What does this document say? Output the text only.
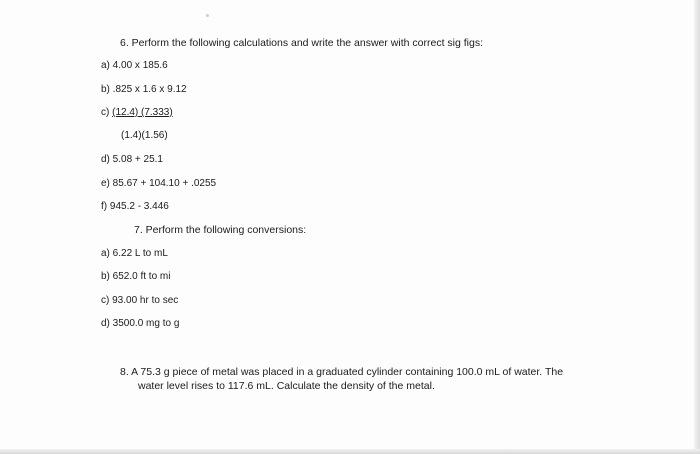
6. Perform the following calculations and write the answer with correct sig figs:
a) 4.00 x 185.6
b) .825 x 1.6 x 9.12
c) (12.4) (7.333)
(1.4)(1.56)
d) 5.08 + 25.1
e) 85.67 + 104.10 + .0255
f) 945.2 - 3.446
7. Perform the following conversions:
a) 6.22 L to mL
b) 652.0 ft to mi
c) 93.00 hr to sec
d) 3500.0 mg to g
8. A 75.3 g piece of metal was placed in a graduated cylinder containing 100.0 mL of water. The
water level rises to 117.6 mL. Calculate the density of the metal.
